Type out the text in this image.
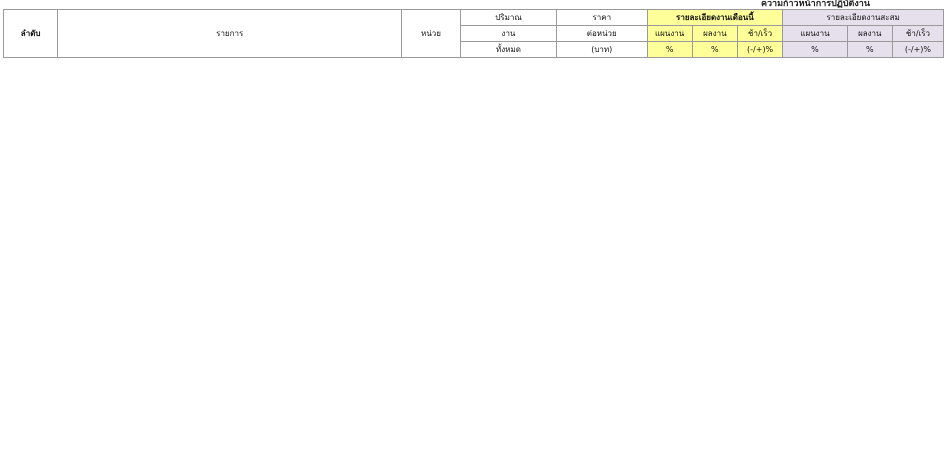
ความก้าวหน้าการปฏิบัติงาน
ลำดับ	รายการ	หน่วย	ปริมาณ	ราคา	รายละเอียดงานเดือนนี้			รายละเอียดงานสะสม		
			งาน	ต่อหน่วย	แผนงาน	ผลงาน	ช้า/เร็ว	แผนงาน	ผลงาน	ช้า/เร็ว
			ทั้งหมด	(บาท)	%	%	(-/+)%	%	%	(-/+)%
